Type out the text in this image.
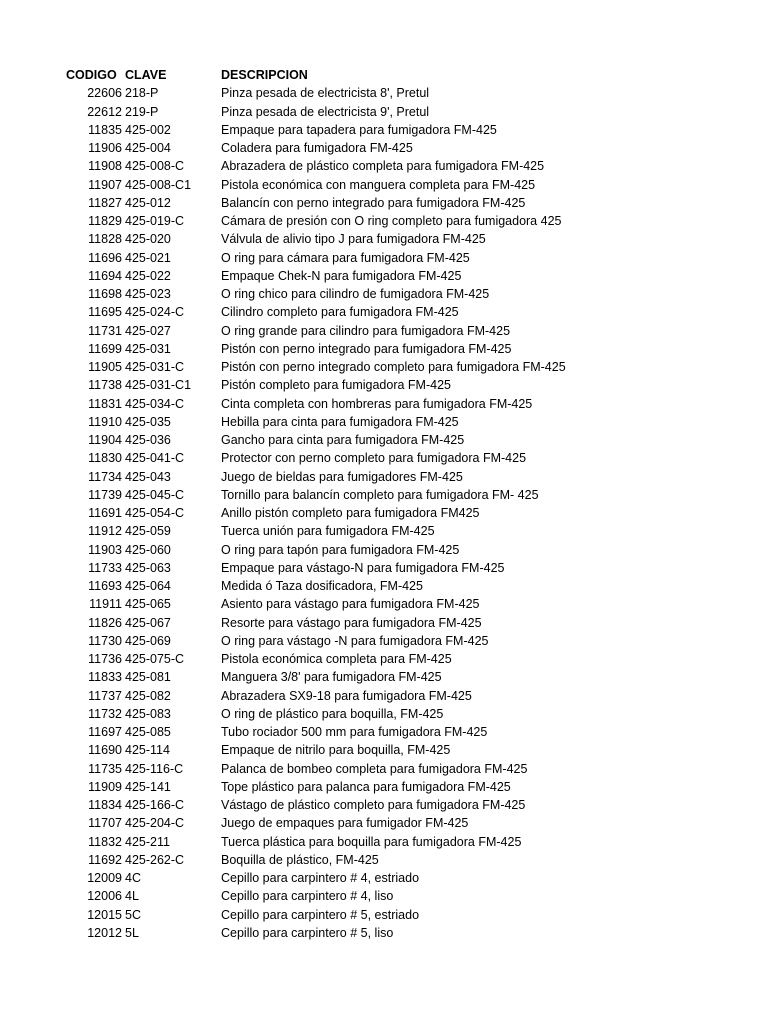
CODIGO CLAVE	DESCRIPCION
22606 218-P	Pinza pesada de electricista 8', Pretul
22612 219-P	Pinza pesada de electricista 9', Pretul
11835 425-002	Empaque para tapadera para fumigadora FM-425
11906 425-004	Coladera para fumigadora FM-425
11908 425-008-C	Abrazadera de plástico completa para fumigadora FM-425
11907 425-008-C1 Pistola económica con manguera completa para FM-425
11827 425-012	Balancín con perno integrado para fumigadora FM-425
11829 425-019-C	Cámara de presión con O ring completo para fumigadora 425
11828 425-020	Válvula de alivio tipo J para fumigadora FM-425
11696 425-021	O ring para cámara para fumigadora FM-425
11694 425-022	Empaque Chek-N para fumigadora FM-425
11698 425-023	O ring chico para cilindro de fumigadora FM-425
11695 425-024-C	Cilindro completo para fumigadora FM-425
11731 425-027	O ring grande para cilindro para fumigadora FM-425
11699 425-031	Pistón con perno integrado para fumigadora FM-425
11905 425-031-C	Pistón con perno integrado completo para fumigadora FM-425
11738 425-031-C1 Pistón completo para fumigadora FM-425
11831 425-034-C	Cinta completa con hombreras para fumigadora FM-425
11910 425-035	Hebilla para cinta para fumigadora FM-425
11904 425-036	Gancho para cinta para fumigadora FM-425
11830 425-041-C	Protector con perno completo para fumigadora FM-425
11734 425-043	Juego de bieldas para fumigadores FM-425
11739 425-045-C	Tornillo para balancín completo para fumigadora FM- 425
11691 425-054-C	Anillo pistón completo para fumigadora FM425
11912 425-059	Tuerca unión para fumigadora FM-425
11903 425-060	O ring para tapón para fumigadora FM-425
11733 425-063	Empaque para vástago-N para fumigadora FM-425
11693 425-064	Medida ó Taza dosificadora, FM-425
11911 425-065	Asiento para vástago para fumigadora FM-425
11826 425-067	Resorte para vástago para fumigadora FM-425
11730 425-069	O ring para vástago -N para fumigadora FM-425
11736 425-075-C	Pistola económica completa para FM-425
11833 425-081	Manguera 3/8' para fumigadora FM-425
11737 425-082	Abrazadera SX9-18 para fumigadora FM-425
11732 425-083	O ring de plástico para boquilla, FM-425
11697 425-085	Tubo rociador 500 mm para fumigadora FM-425
11690 425-114	Empaque de nitrilo para boquilla, FM-425
11735 425-116-C	Palanca de bombeo completa para fumigadora FM-425
11909 425-141	Tope plástico para palanca para fumigadora FM-425
11834 425-166-C	Vástago de plástico completo para fumigadora FM-425
11707 425-204-C	Juego de empaques para fumigador FM-425
11832 425-211	Tuerca plástica para boquilla para fumigadora FM-425
11692 425-262-C	Boquilla de plástico, FM-425
12009 4C	Cepillo para carpintero # 4, estriado
12006 4L	Cepillo para carpintero # 4, liso
12015 5C	Cepillo para carpintero # 5, estriado
12012 5L	Cepillo para carpintero # 5, liso
